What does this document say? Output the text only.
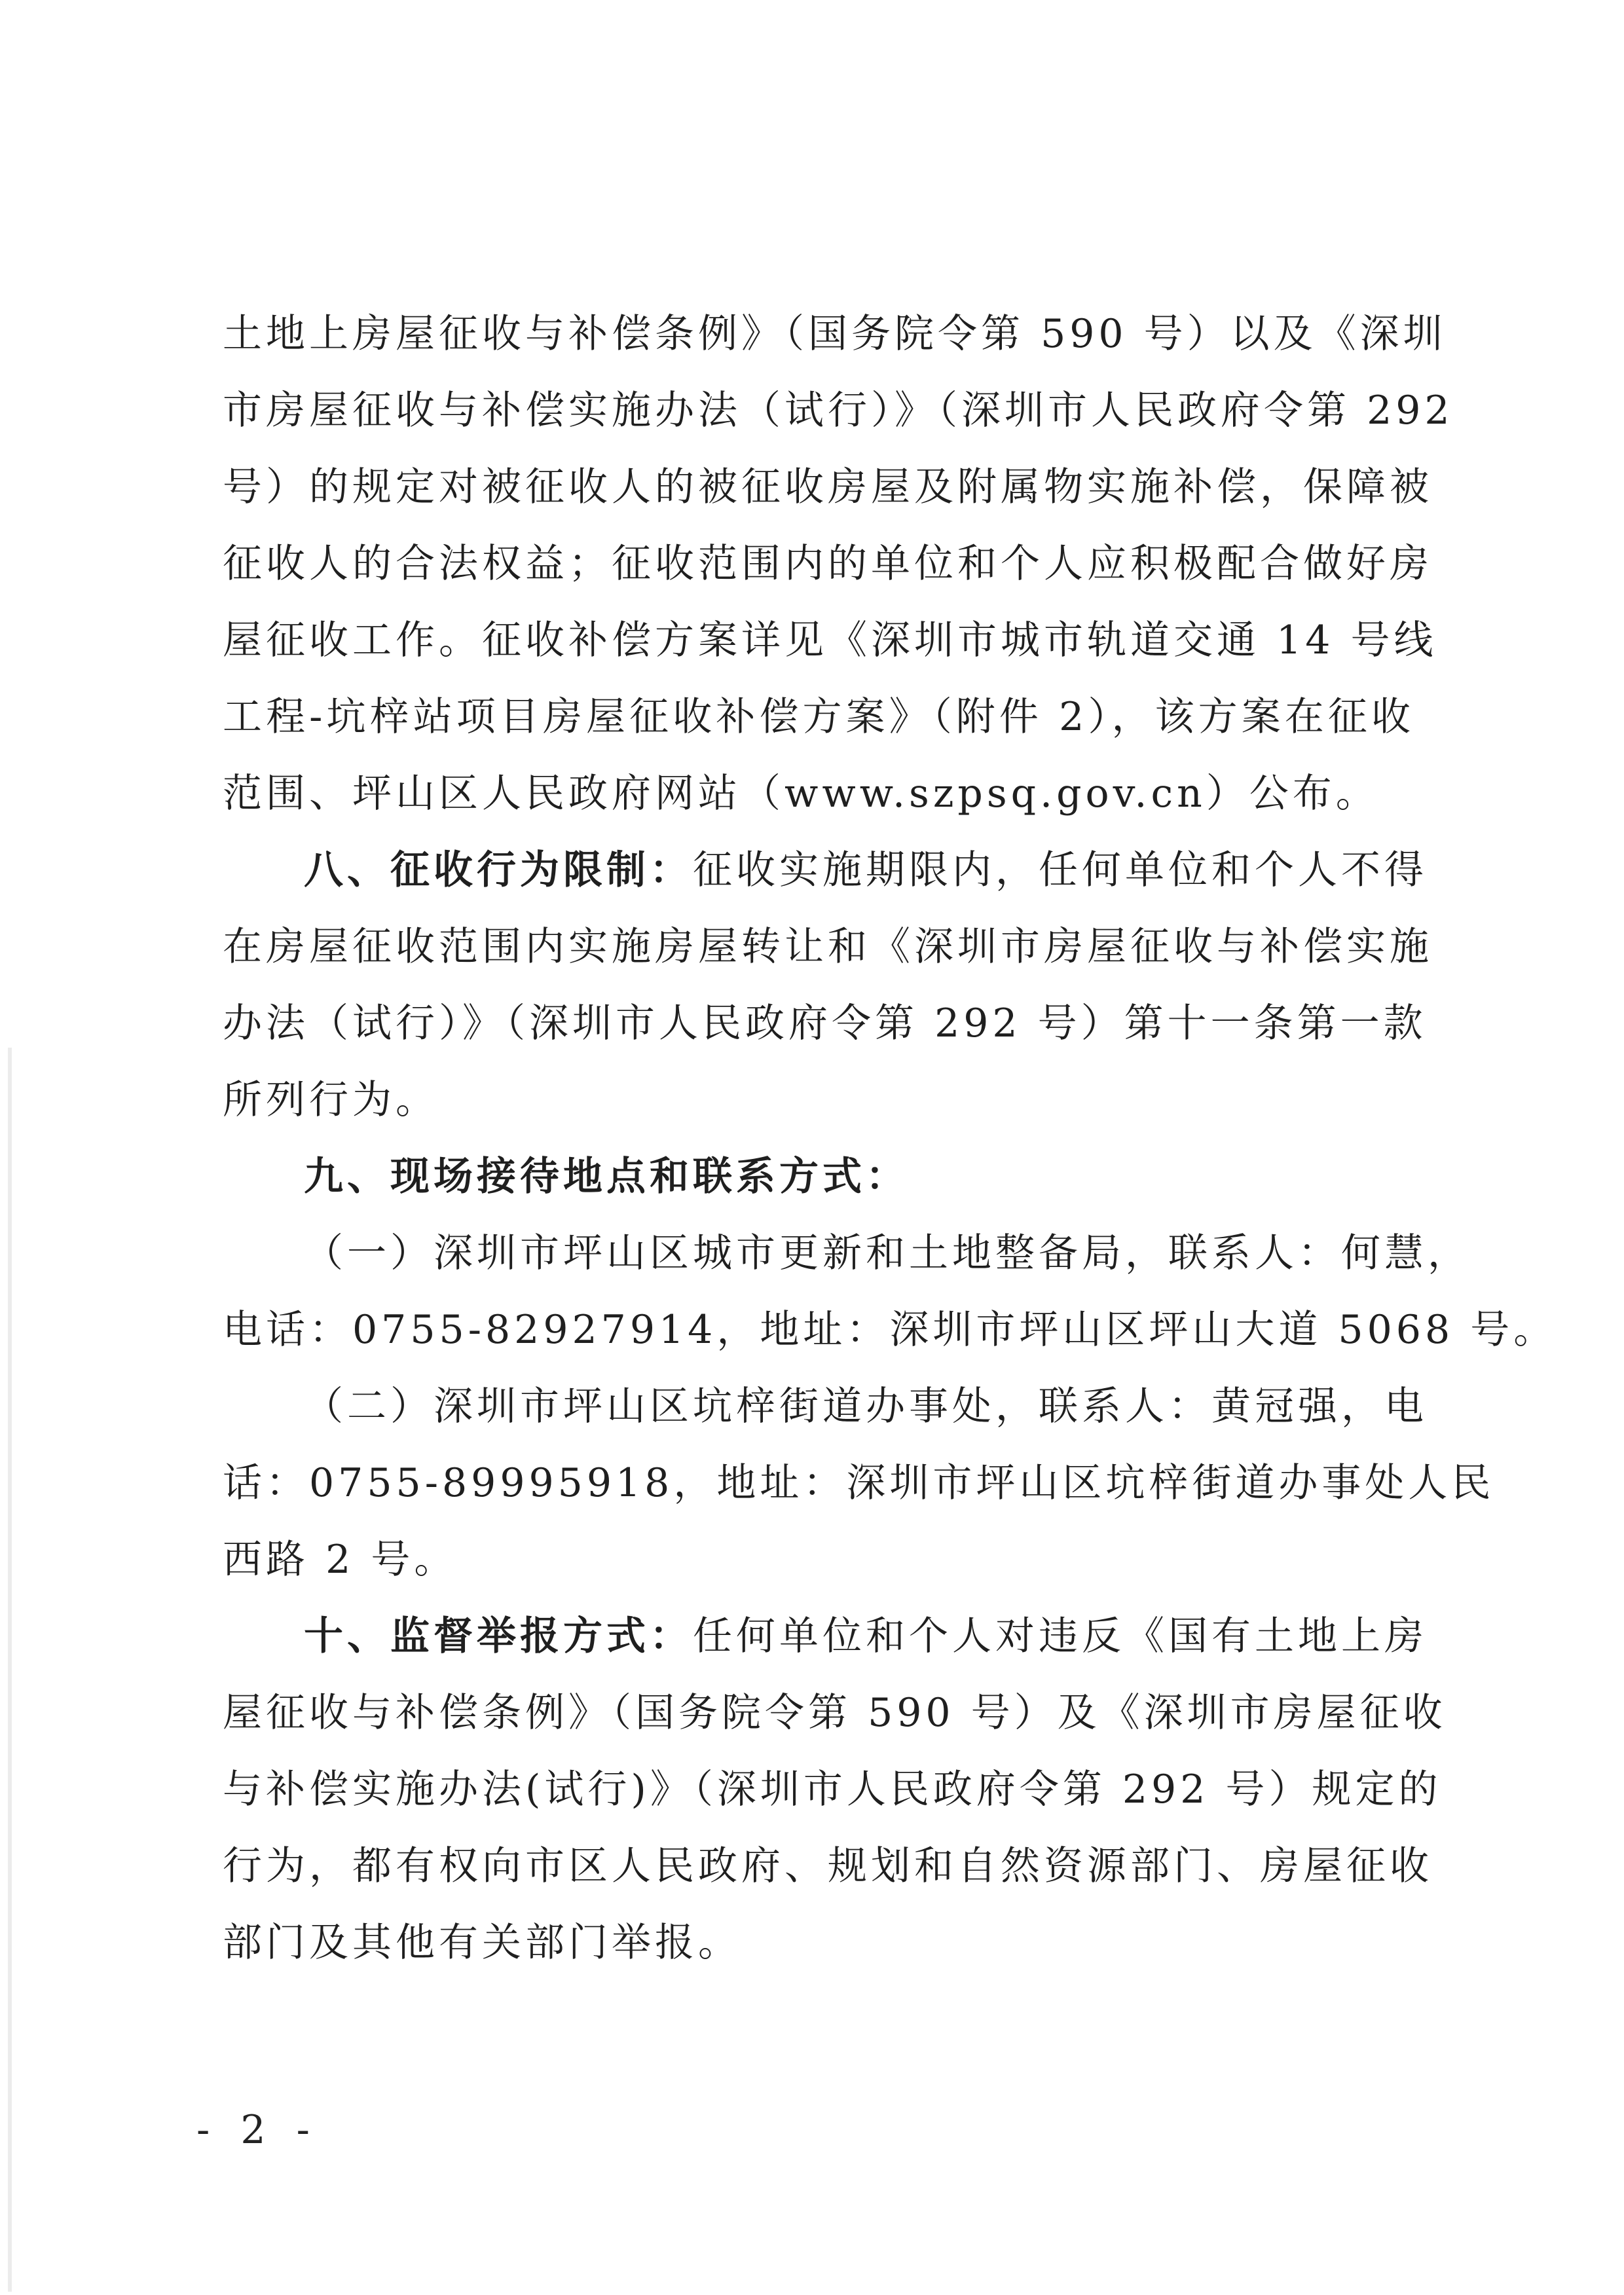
土地上房屋征收与补偿条例》（国务院令第 590 号）以及《深圳
市房屋征收与补偿实施办法（试行）》（深圳市人民政府令第 292
号）的规定对被征收人的被征收房屋及附属物实施补偿，保障被
征收人的合法权益；征收范围内的单位和个人应积极配合做好房
屋征收工作。征收补偿方案详见《深圳市城市轨道交通 14 号线
工程-坑梓站项目房屋征收补偿方案》（附件 2），该方案在征收
范围、坪山区人民政府网站（www.szpsq.gov.cn）公布。
八、征收行为限制：征收实施期限内，任何单位和个人不得
在房屋征收范围内实施房屋转让和《深圳市房屋征收与补偿实施
办法（试行）》（深圳市人民政府令第 292 号）第十一条第一款
所列行为。
九、现场接待地点和联系方式：
（一）深圳市坪山区城市更新和土地整备局，联系人：何慧，
电话：0755-82927914，地址：深圳市坪山区坪山大道 5068 号。
（二）深圳市坪山区坑梓街道办事处，联系人：黄冠强，电
话：0755-89995918，地址：深圳市坪山区坑梓街道办事处人民
西路 2 号。
十、监督举报方式：任何单位和个人对违反《国有土地上房
屋征收与补偿条例》（国务院令第 590 号）及《深圳市房屋征收
与补偿实施办法(试行)》（深圳市人民政府令第 292 号）规定的
行为，都有权向市区人民政府、规划和自然资源部门、房屋征收
部门及其他有关部门举报。
- 2 -
